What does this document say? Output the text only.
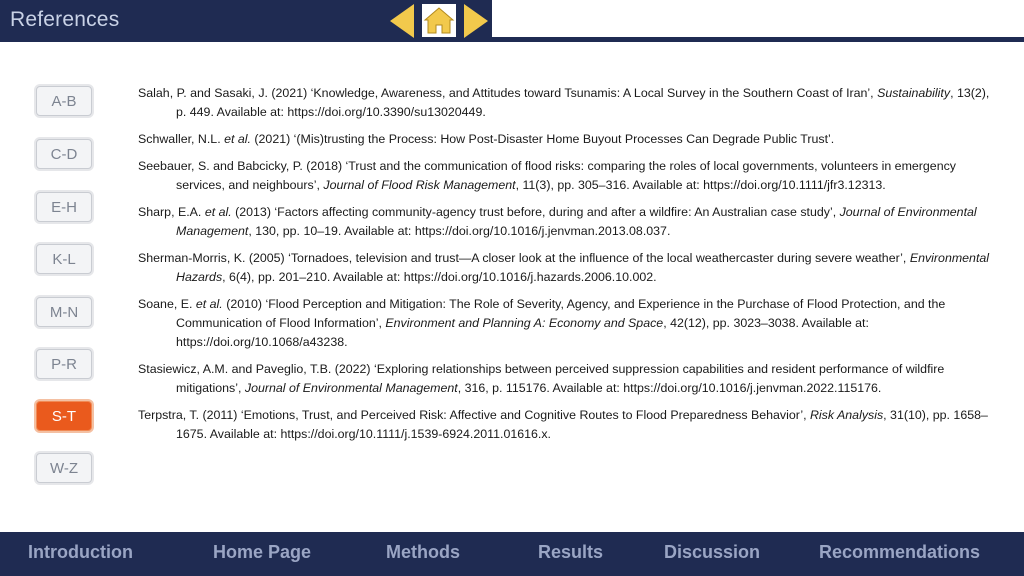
References
A-B
C-D
E-H
K-L
M-N
P-R
S-T
W-Z

Salah, P. and Sasaki, J. (2021) ‘Knowledge, Awareness, and Attitudes toward Tsunamis: A Local Survey in the Southern Coast of Iran’, Sustainability, 13(2), p. 449. Available at: https://doi.org/10.3390/su13020449.

Schwaller, N.L. et al. (2021) ‘(Mis)trusting the Process: How Post-Disaster Home Buyout Processes Can Degrade Public Trust’.

Seebauer, S. and Babcicky, P. (2018) ‘Trust and the communication of flood risks: comparing the roles of local governments, volunteers in emergency services, and neighbours’, Journal of Flood Risk Management, 11(3), pp. 305–316. Available at: https://doi.org/10.1111/jfr3.12313.

Sharp, E.A. et al. (2013) ‘Factors affecting community-agency trust before, during and after a wildfire: An Australian case study’, Journal of Environmental Management, 130, pp. 10–19. Available at: https://doi.org/10.1016/j.jenvman.2013.08.037.

Sherman-Morris, K. (2005) ‘Tornadoes, television and trust—A closer look at the influence of the local weathercaster during severe weather’, Environmental Hazards, 6(4), pp. 201–210. Available at: https://doi.org/10.1016/j.hazards.2006.10.002.

Soane, E. et al. (2010) ‘Flood Perception and Mitigation: The Role of Severity, Agency, and Experience in the Purchase of Flood Protection, and the Communication of Flood Information’, Environment and Planning A: Economy and Space, 42(12), pp. 3023–3038. Available at: https://doi.org/10.1068/a43238.

Stasiewicz, A.M. and Paveglio, T.B. (2022) ‘Exploring relationships between perceived suppression capabilities and resident performance of wildfire mitigations’, Journal of Environmental Management, 316, p. 115176. Available at: https://doi.org/10.1016/j.jenvman.2022.115176.

Terpstra, T. (2011) ‘Emotions, Trust, and Perceived Risk: Affective and Cognitive Routes to Flood Preparedness Behavior’, Risk Analysis, 31(10), pp. 1658–1675. Available at: https://doi.org/10.1111/j.1539-6924.2011.01616.x.

Introduction	Home Page	Methods	Results	Discussion	Recommendations
